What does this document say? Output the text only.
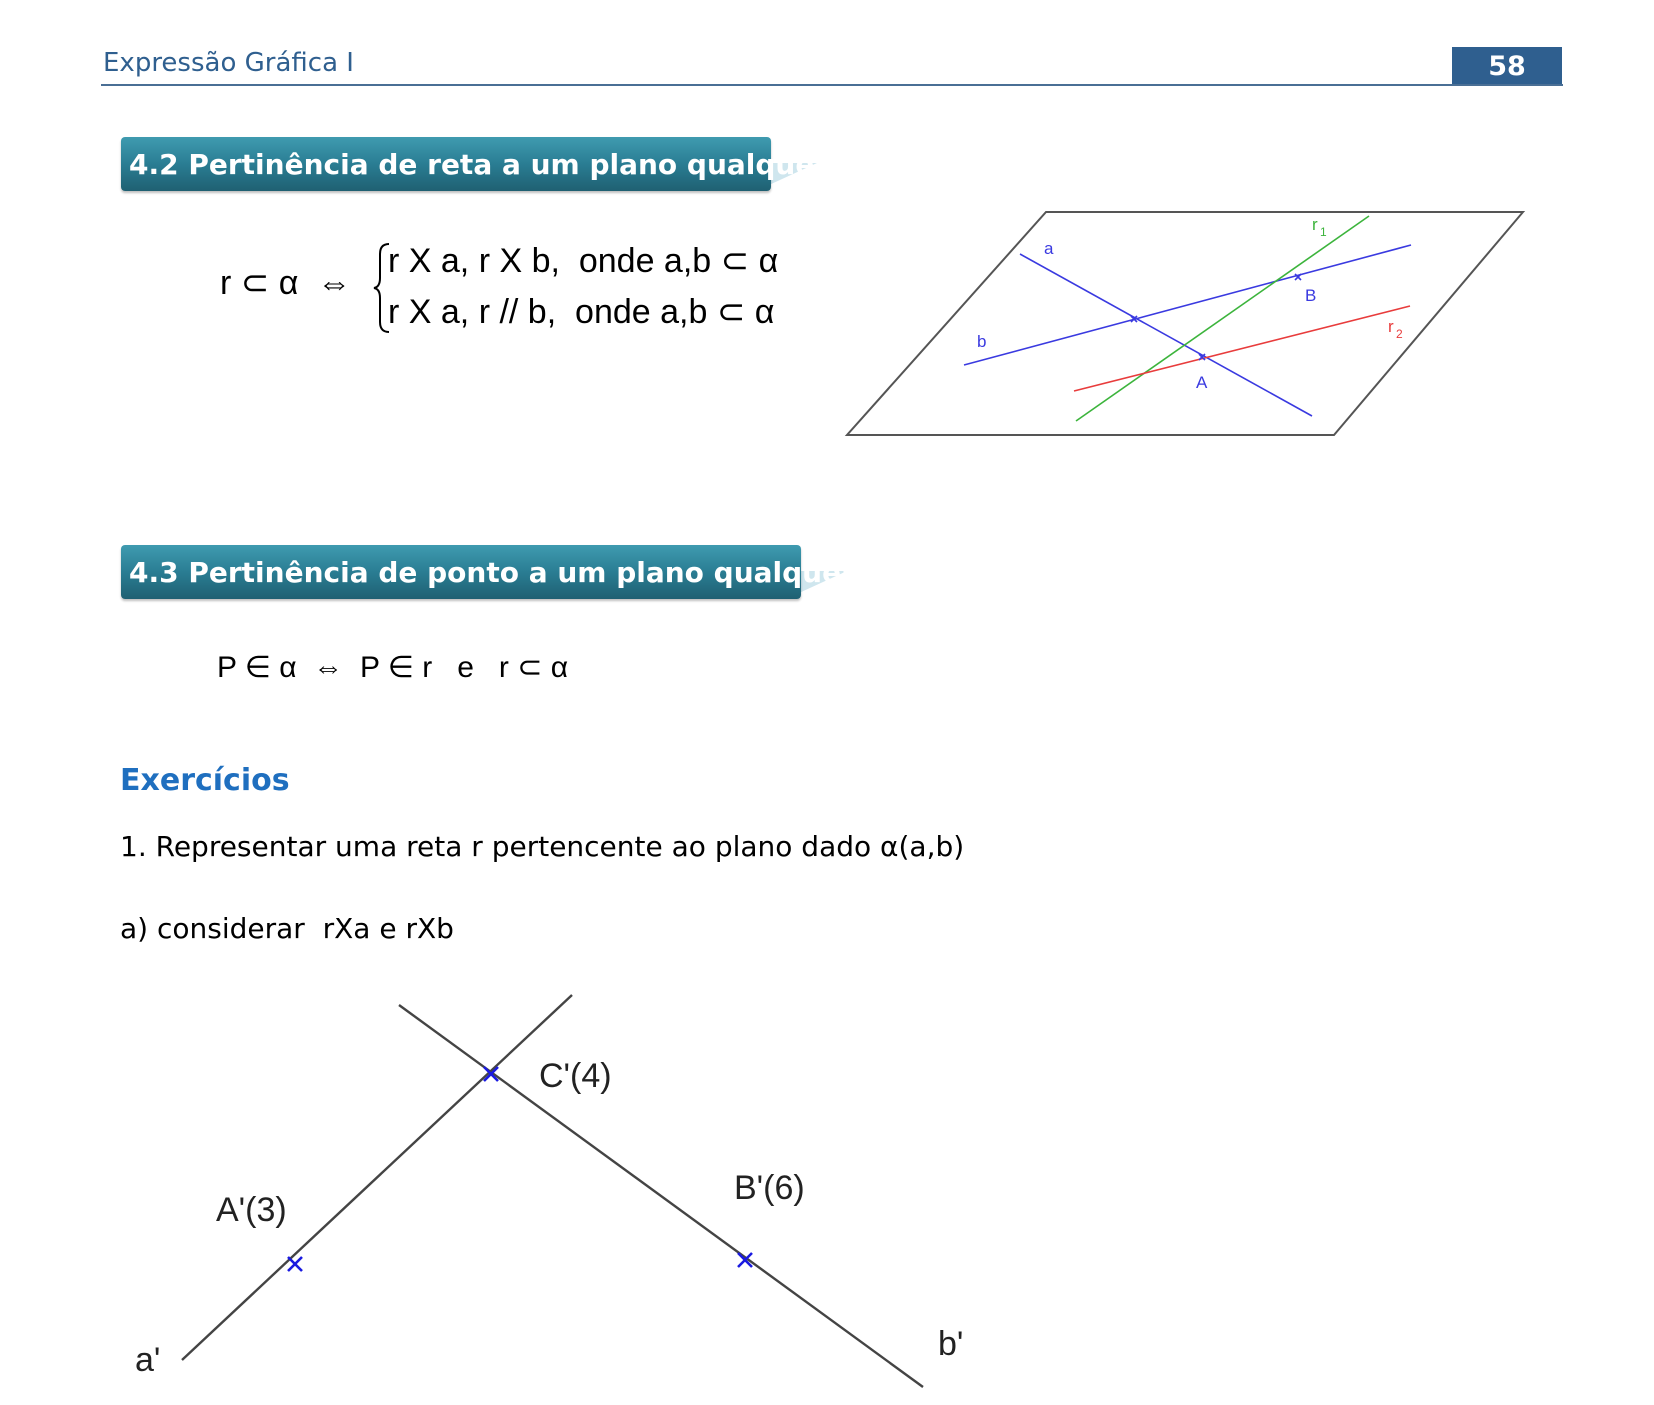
Expressão Gráfica I	58
4.2 Pertinência de reta a um plano qualquer
r ⊂ α  ⇔
r X a, r X b,  onde a,b ⊂ α
r X a, r // b,  onde a,b ⊂ α
a
b
B
A
r 1
r 2
4.3 Pertinência de ponto a um plano qualquer
P ∈ α  ⇔  P ∈ r   e   r ⊂ α
Exercícios
1. Representar uma reta r pertencente ao plano dado α(a,b)
a) considerar  rXa e rXb
C'(4)
B'(6)
A'(3)
a'	b'
